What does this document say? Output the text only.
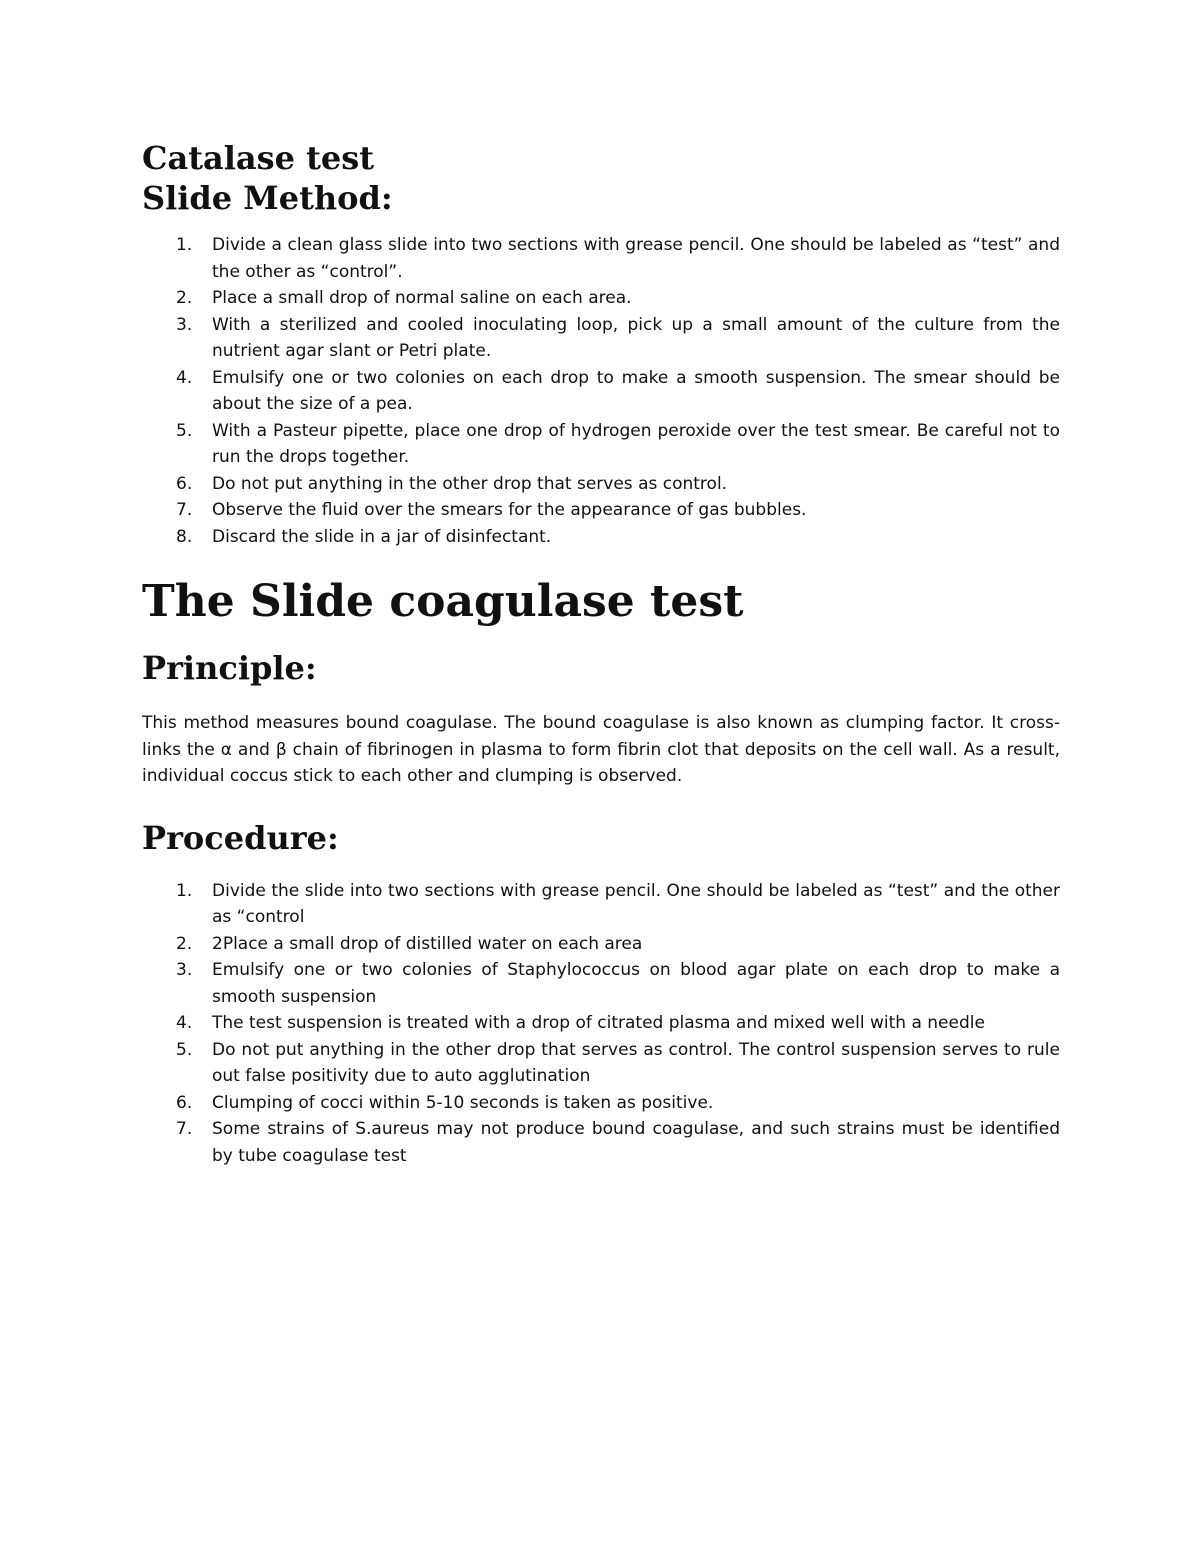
Catalase test
Slide Method:
1. Divide a clean glass slide into two sections with grease pencil. One should be labeled as “test” and the other as “control”.
2. Place a small drop of normal saline on each area.
3. With a sterilized and cooled inoculating loop, pick up a small amount of the culture from the nutrient agar slant or Petri plate.
4. Emulsify one or two colonies on each drop to make a smooth suspension. The smear should be about the size of a pea.
5. With a Pasteur pipette, place one drop of hydrogen peroxide over the test smear. Be careful not to run the drops together.
6. Do not put anything in the other drop that serves as control.
7. Observe the fluid over the smears for the appearance of gas bubbles.
8. Discard the slide in a jar of disinfectant.
The Slide coagulase test
Principle:

This method measures bound coagulase. The bound coagulase is also known as clumping factor. It cross-links the α and β chain of fibrinogen in plasma to form fibrin clot that deposits on the cell wall. As a result, individual coccus stick to each other and clumping is observed.

Procedure:
1. Divide the slide into two sections with grease pencil. One should be labeled as “test” and the other as “control
2. 2Place a small drop of distilled water on each area
3. Emulsify one or two colonies of Staphylococcus on blood agar plate on each drop to make a smooth suspension
4. The test suspension is treated with a drop of citrated plasma and mixed well with a needle
5. Do not put anything in the other drop that serves as control. The control suspension serves to rule out false positivity due to auto agglutination
6. Clumping of cocci within 5-10 seconds is taken as positive.
7. Some strains of S.aureus may not produce bound coagulase, and such strains must be identified by tube coagulase test
